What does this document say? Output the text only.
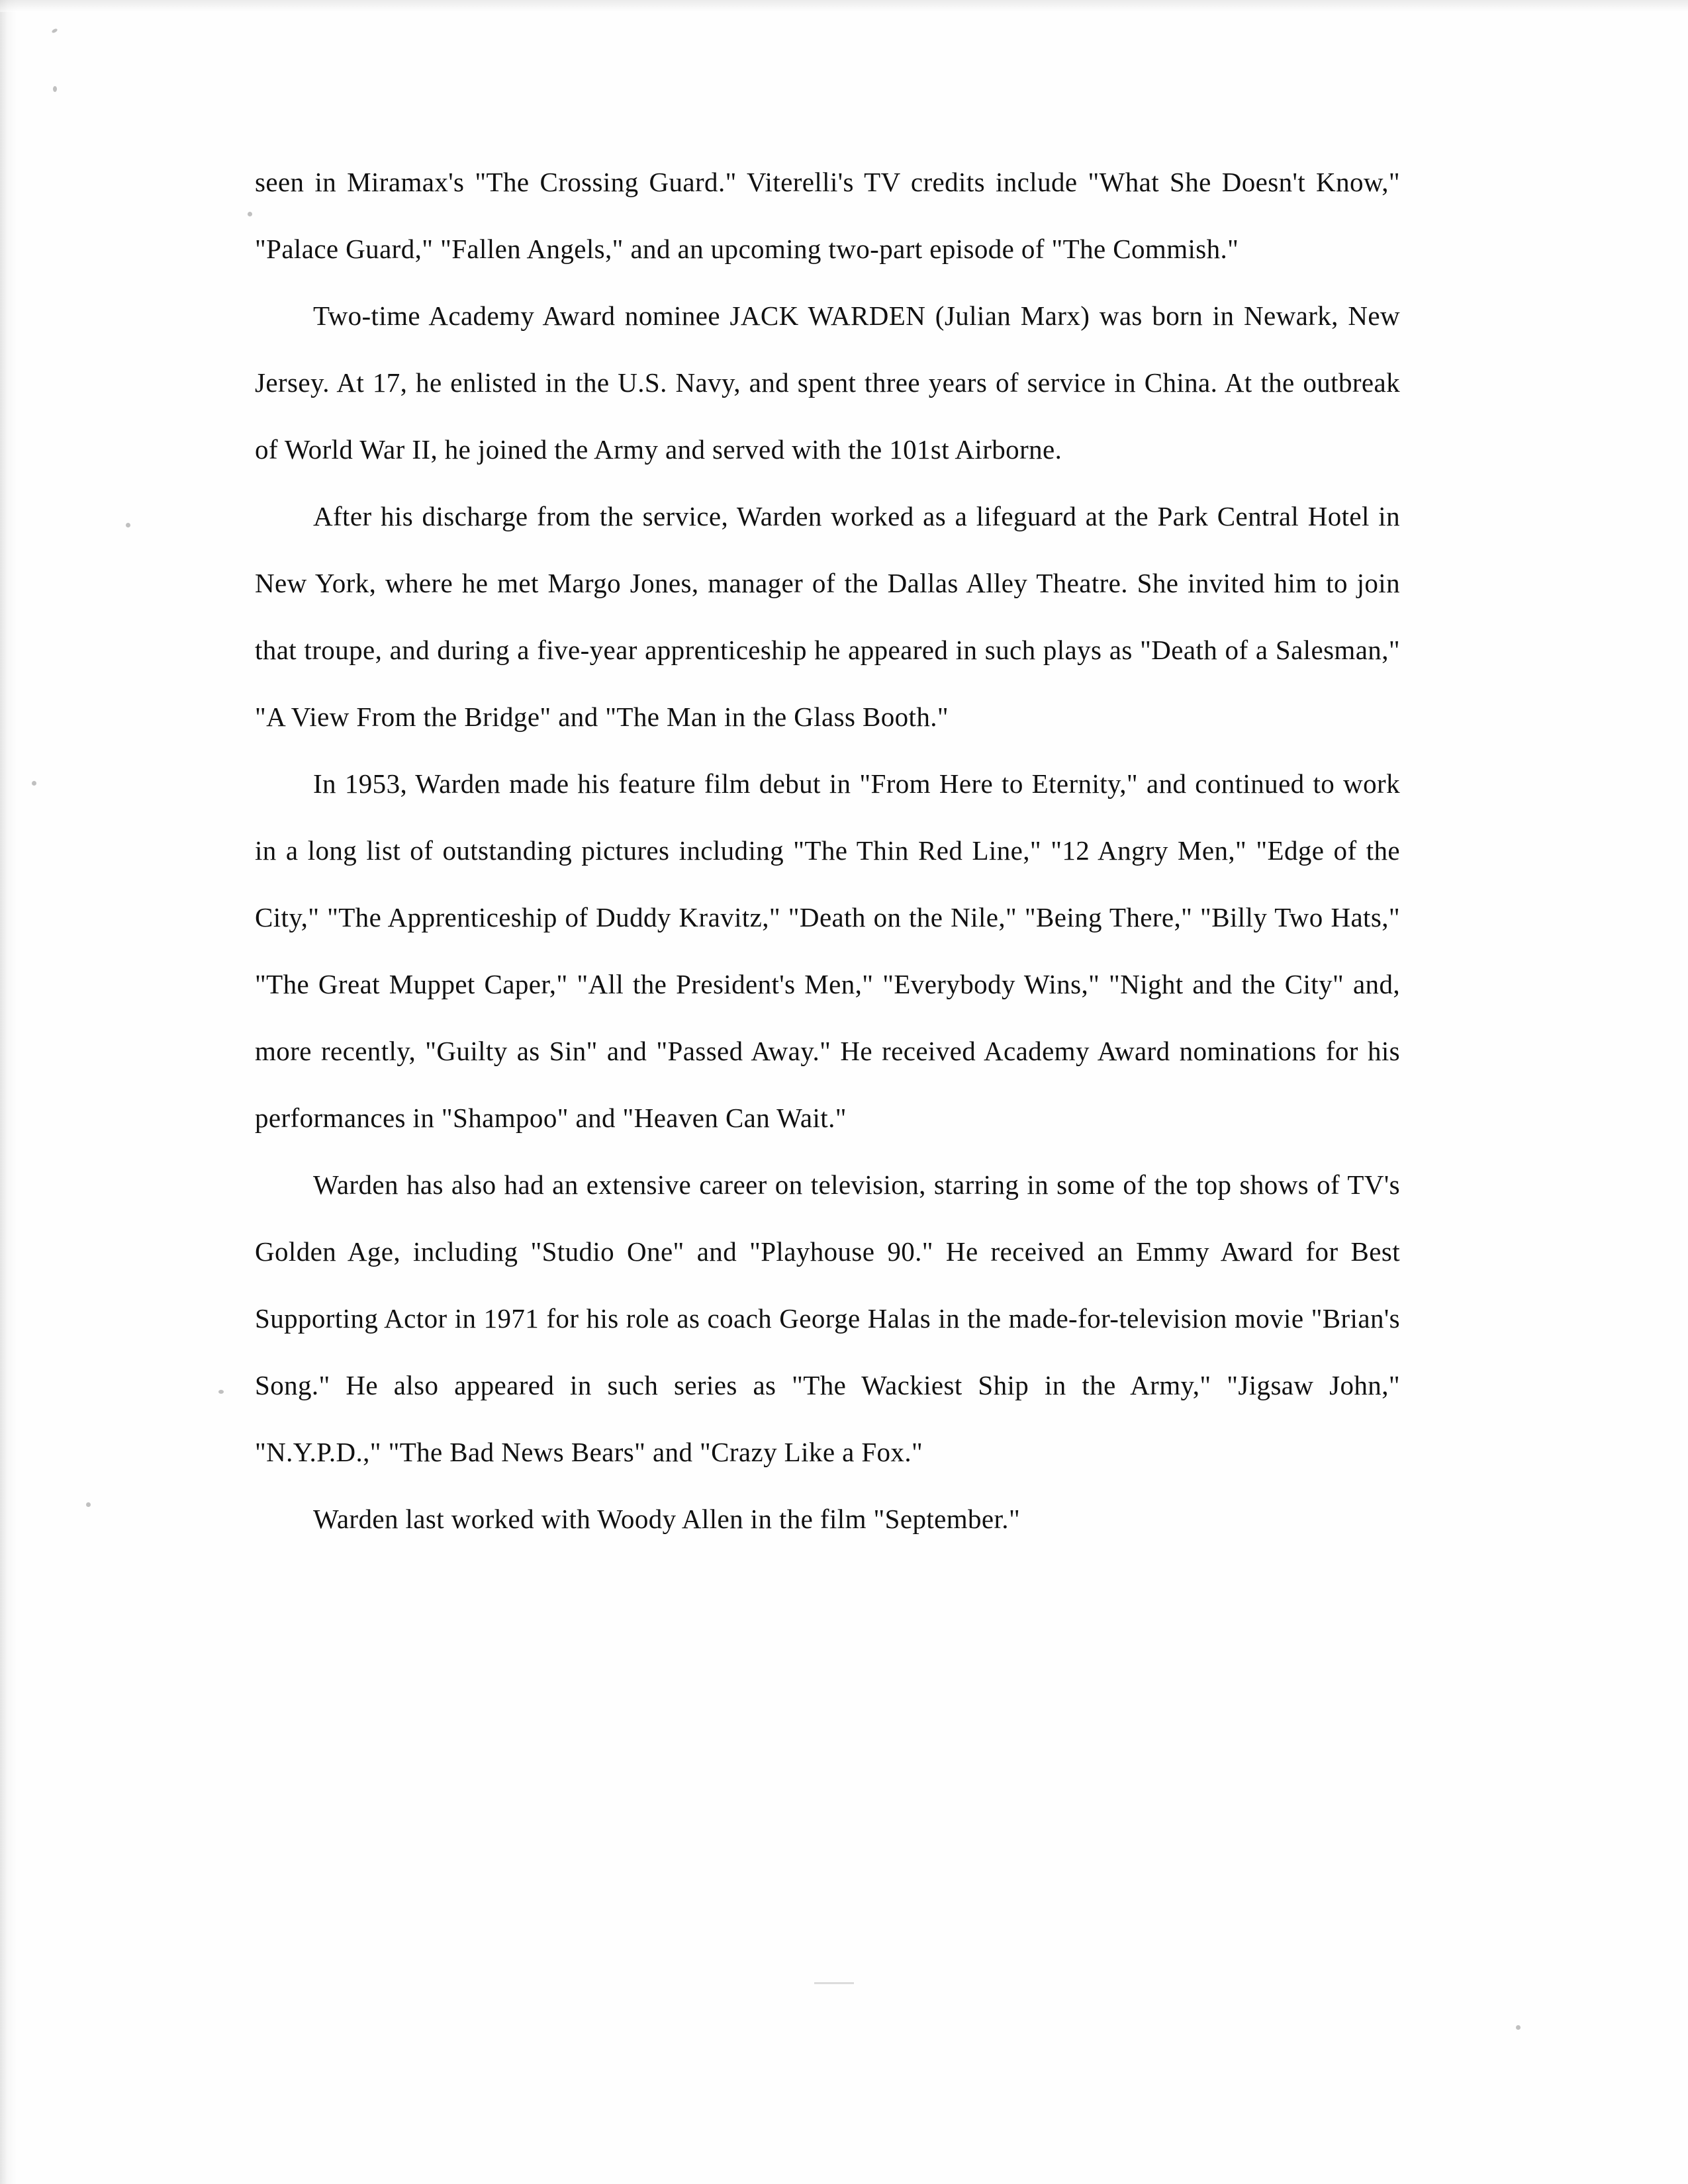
seen in Miramax's "The Crossing Guard." Viterelli's TV credits include "What She Doesn't Know," "Palace Guard," "Fallen Angels," and an upcoming two-part episode of "The Commish."

Two-time Academy Award nominee JACK WARDEN (Julian Marx) was born in Newark, New Jersey. At 17, he enlisted in the U.S. Navy, and spent three years of service in China. At the outbreak of World War II, he joined the Army and served with the 101st Airborne.

After his discharge from the service, Warden worked as a lifeguard at the Park Central Hotel in New York, where he met Margo Jones, manager of the Dallas Alley Theatre. She invited him to join that troupe, and during a five-year apprenticeship he appeared in such plays as "Death of a Salesman," "A View From the Bridge" and "The Man in the Glass Booth."

In 1953, Warden made his feature film debut in "From Here to Eternity," and continued to work in a long list of outstanding pictures including "The Thin Red Line," "12 Angry Men," "Edge of the City," "The Apprenticeship of Duddy Kravitz," "Death on the Nile," "Being There," "Billy Two Hats," "The Great Muppet Caper," "All the President's Men," "Everybody Wins," "Night and the City" and, more recently, "Guilty as Sin" and "Passed Away." He received Academy Award nominations for his performances in "Shampoo" and "Heaven Can Wait."

Warden has also had an extensive career on television, starring in some of the top shows of TV's Golden Age, including "Studio One" and "Playhouse 90." He received an Emmy Award for Best Supporting Actor in 1971 for his role as coach George Halas in the made-for-television movie "Brian's Song." He also appeared in such series as "The Wackiest Ship in the Army," "Jigsaw John," "N.Y.P.D.," "The Bad News Bears" and "Crazy Like a Fox."

Warden last worked with Woody Allen in the film "September."
